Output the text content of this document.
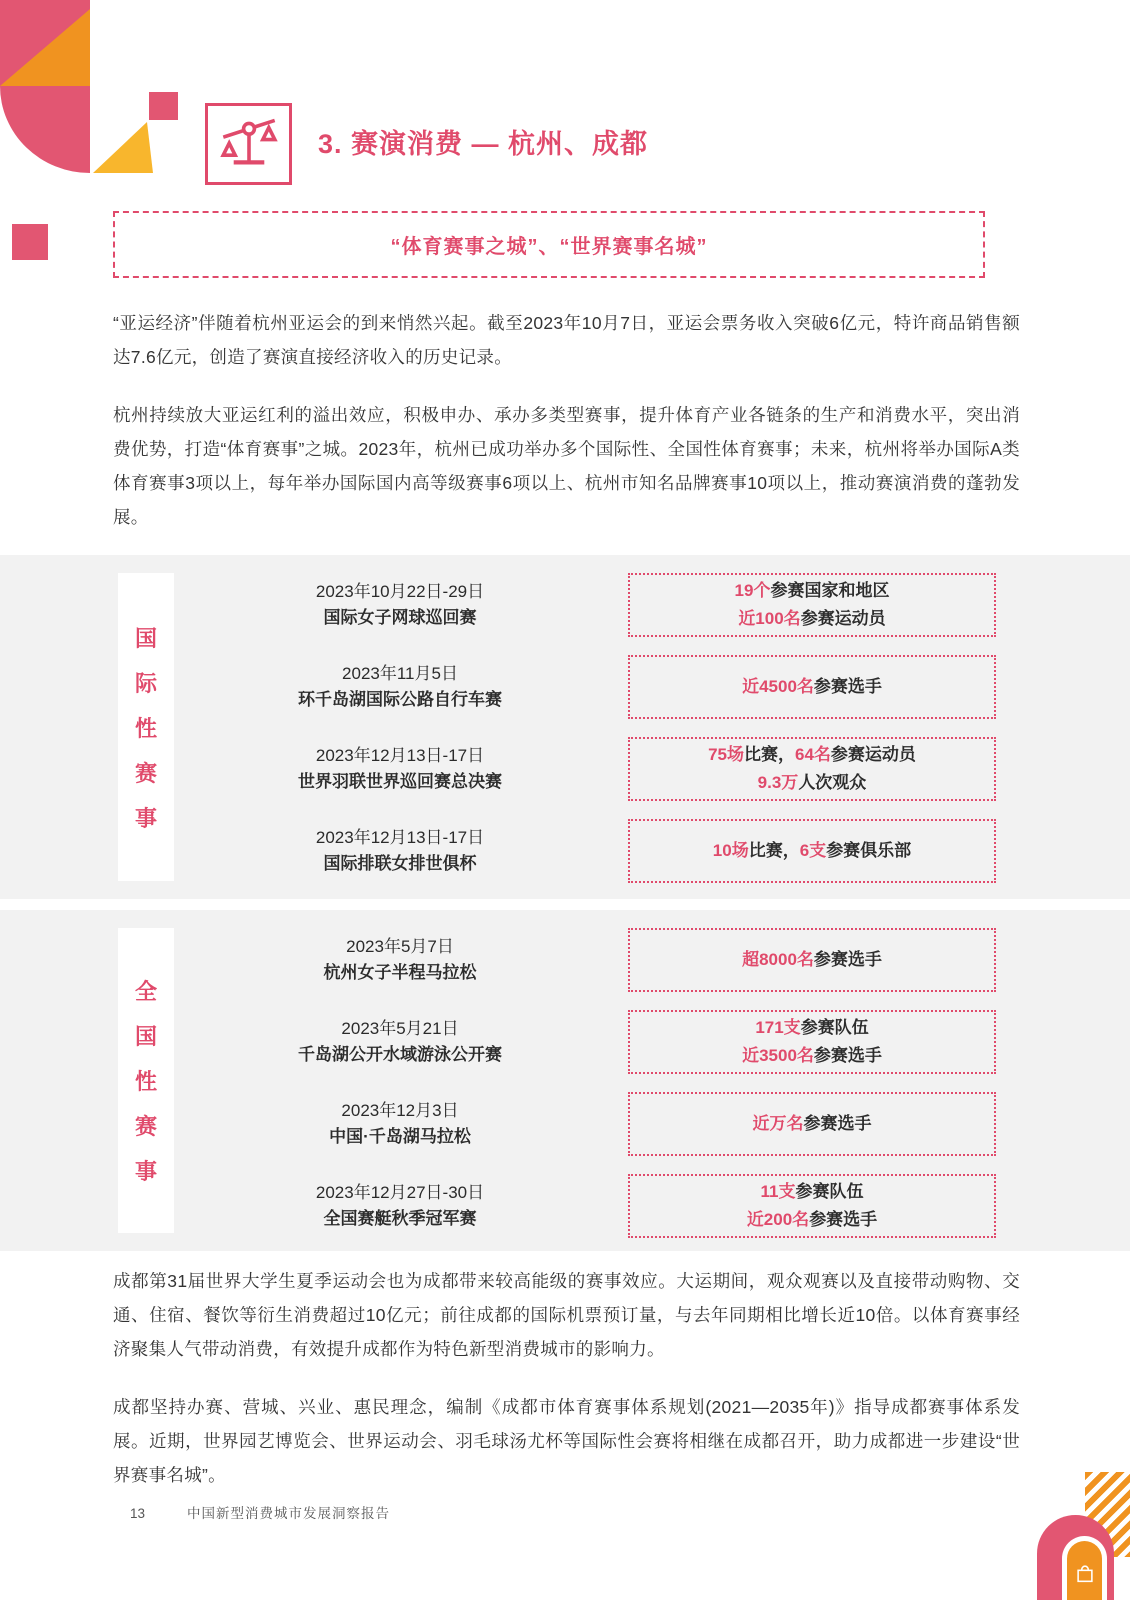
3. 赛演消费 — 杭州、成都
“体育赛事之城”、“世界赛事名城”

“亚运经济”伴随着杭州亚运会的到来悄然兴起。截至2023年10月7日，亚运会票务收入突破6亿元，特许商品销售额达7.6亿元，创造了赛演直接经济收入的历史记录。

杭州持续放大亚运红利的溢出效应，积极申办、承办多类型赛事，提升体育产业各链条的生产和消费水平，突出消费优势，打造“体育赛事”之城。2023年，杭州已成功举办多个国际性、全国性体育赛事；未来，杭州将举办国际A类体育赛事3项以上，每年举办国际国内高等级赛事6项以上、杭州市知名品牌赛事10项以上，推动赛演消费的蓬勃发展。

国
际
性
赛
事
2023年10月22日-29日
国际女子网球巡回赛
19个参赛国家和地区
近100名参赛运动员
2023年11月5日
环千岛湖国际公路自行车赛
近4500名参赛选手
2023年12月13日-17日
世界羽联世界巡回赛总决赛
75场比赛，64名参赛运动员
9.3万人次观众
2023年12月13日-17日
国际排联女排世俱杯
10场比赛，6支参赛俱乐部
全
国
性
赛
事
2023年5月7日
杭州女子半程马拉松
超8000名参赛选手
2023年5月21日
千岛湖公开水域游泳公开赛
171支参赛队伍
近3500名参赛选手
2023年12月3日
中国·千岛湖马拉松
近万名参赛选手
2023年12月27日-30日
全国赛艇秋季冠军赛
11支参赛队伍
近200名参赛选手

成都第31届世界大学生夏季运动会也为成都带来较高能级的赛事效应。大运期间，观众观赛以及直接带动购物、交通、住宿、餐饮等衍生消费超过10亿元；前往成都的国际机票预订量，与去年同期相比增长近10倍。以体育赛事经济聚集人气带动消费，有效提升成都作为特色新型消费城市的影响力。

成都坚持办赛、营城、兴业、惠民理念，编制《成都市体育赛事体系规划(2021—2035年)》指导成都赛事体系发展。近期，世界园艺博览会、世界运动会、羽毛球汤尤杯等国际性会赛将相继在成都召开，助力成都进一步建设“世界赛事名城”。

13	中国新型消费城市发展洞察报告
